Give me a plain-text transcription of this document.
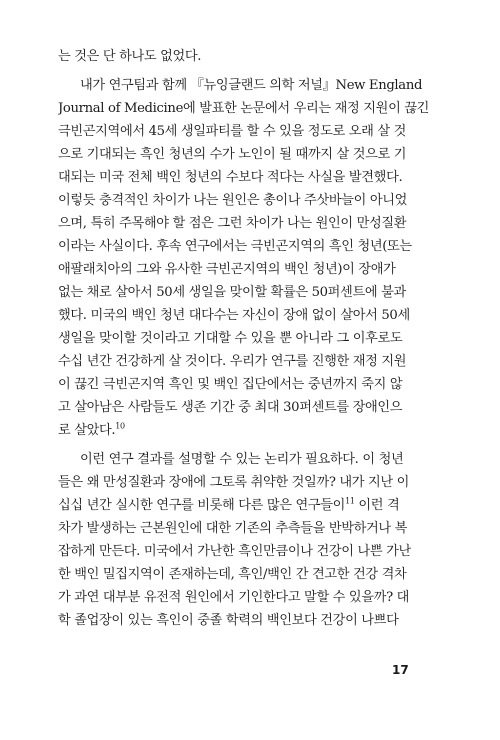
는 것은 단 하나도 없었다.
내가 연구팀과 함께 『뉴잉글랜드 의학 저널』New England
Journal of Medicine에 발표한 논문에서 우리는 재정 지원이 끊긴
극빈곤지역에서 45세 생일파티를 할 수 있을 정도로 오래 살 것
으로 기대되는 흑인 청년의 수가 노인이 될 때까지 살 것으로 기
대되는 미국 전체 백인 청년의 수보다 적다는 사실을 발견했다.
이렇듯 충격적인 차이가 나는 원인은 총이나 주삿바늘이 아니었
으며, 특히 주목해야 할 점은 그런 차이가 나는 원인이 만성질환
이라는 사실이다. 후속 연구에서는 극빈곤지역의 흑인 청년(또는
애팔래치아의 그와 유사한 극빈곤지역의 백인 청년)이 장애가
없는 채로 살아서 50세 생일을 맞이할 확률은 50퍼센트에 불과
했다. 미국의 백인 청년 대다수는 자신이 장애 없이 살아서 50세
생일을 맞이할 것이라고 기대할 수 있을 뿐 아니라 그 이후로도
수십 년간 건강하게 살 것이다. 우리가 연구를 진행한 재정 지원
이 끊긴 극빈곤지역 흑인 및 백인 집단에서는 중년까지 죽지 않
고 살아남은 사람들도 생존 기간 중 최대 30퍼센트를 장애인으
로 살았다.$^{10}$
이런 연구 결과를 설명할 수 있는 논리가 필요하다. 이 청년
들은 왜 만성질환과 장애에 그토록 취약한 것일까? 내가 지난 이
십십 년간 실시한 연구를 비롯해 다른 많은 연구들이$^{11}$ 이런 격
차가 발생하는 근본원인에 대한 기존의 추측들을 반박하거나 복
잡하게 만든다. 미국에서 가난한 흑인만큼이나 건강이 나쁜 가난
한 백인 밀집지역이 존재하는데, 흑인/백인 간 견고한 건강 격차
가 과연 대부분 유전적 원인에서 기인한다고 말할 수 있을까? 대
학 졸업장이 있는 흑인이 중졸 학력의 백인보다 건강이 나쁘다
17
